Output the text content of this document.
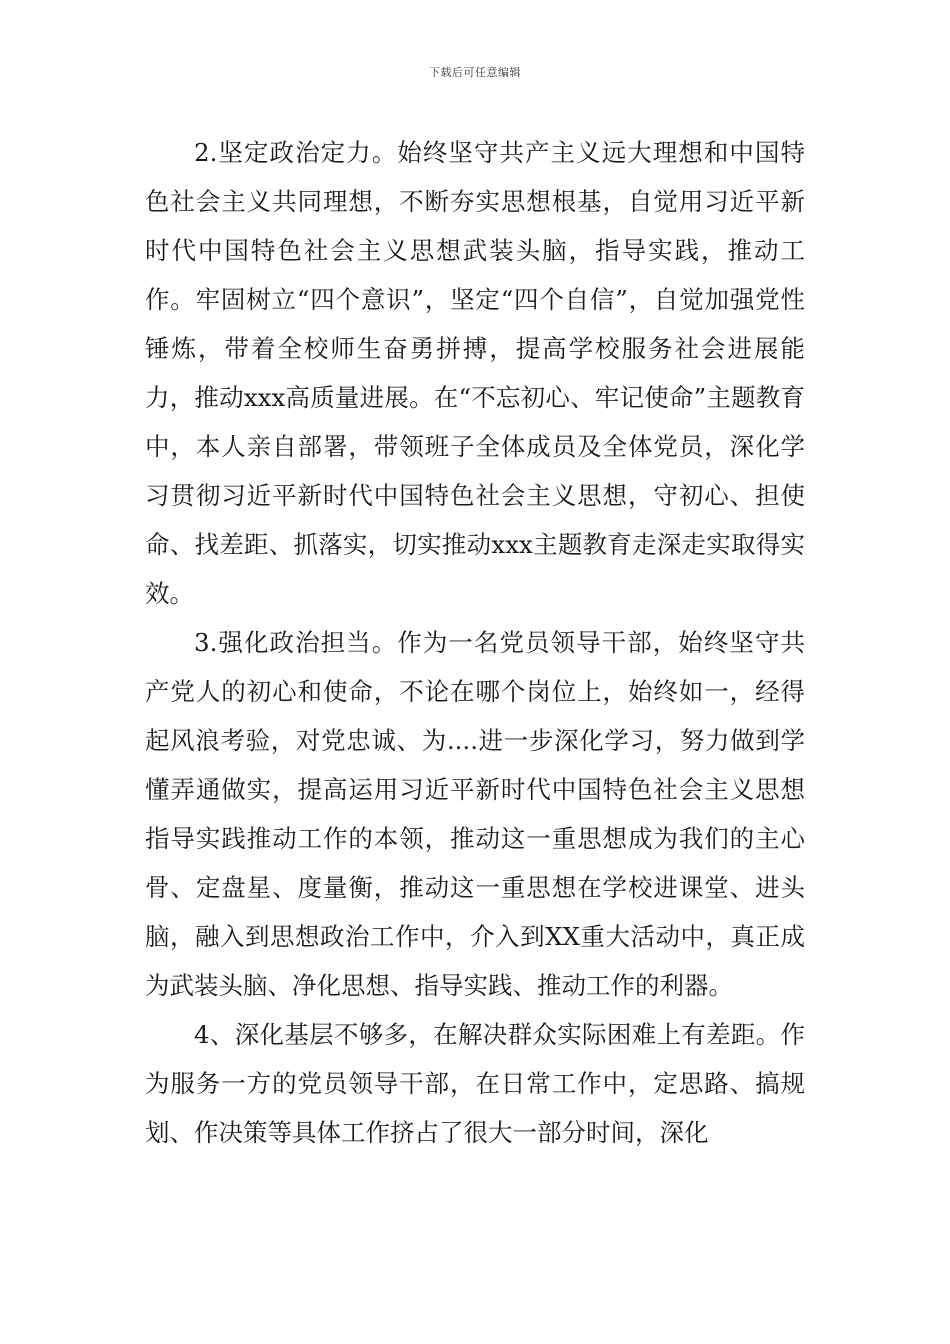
下载后可任意编辑

2.坚定政治定力。始终坚守共产主义远大理想和中国特色社会主义共同理想，不断夯实思想根基，自觉用习近平新时代中国特色社会主义思想武装头脑，指导实践，推动工作。牢固树立“四个意识”，坚定“四个自信”，自觉加强党性锤炼，带着全校师生奋勇拼搏，提高学校服务社会进展能力，推动xxx高质量进展。在“不忘初心、牢记使命”主题教育中，本人亲自部署，带领班子全体成员及全体党员，深化学习贯彻习近平新时代中国特色社会主义思想，守初心、担使命、找差距、抓落实，切实推动xxx主题教育走深走实取得实效。

3.强化政治担当。作为一名党员领导干部，始终坚守共产党人的初心和使命，不论在哪个岗位上，始终如一，经得起风浪考验，对党忠诚、为....进一步深化学习，努力做到学懂弄通做实，提高运用习近平新时代中国特色社会主义思想指导实践推动工作的本领，推动这一重思想成为我们的主心骨、定盘星、度量衡，推动这一重思想在学校进课堂、进头脑，融入到思想政治工作中，介入到XX重大活动中，真正成为武装头脑、净化思想、指导实践、推动工作的利器。

4、深化基层不够多，在解决群众实际困难上有差距。作为服务一方的党员领导干部，在日常工作中，定思路、搞规划、作决策等具体工作挤占了很大一部分时间，深化
